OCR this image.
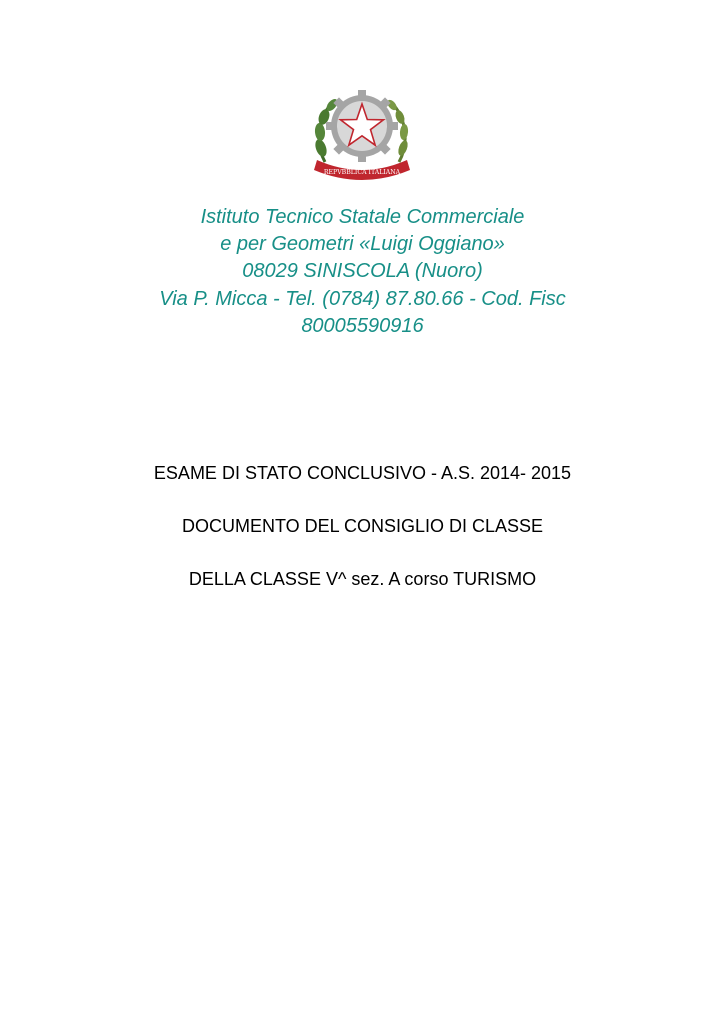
REPVBBLICA ITALIANA
Istituto Tecnico Statale Commerciale
e per Geometri «Luigi Oggiano»
08029 SINISCOLA (Nuoro)
Via P. Micca - Tel. (0784) 87.80.66 - Cod. Fisc
80005590916
ESAME DI STATO CONCLUSIVO - A.S. 2014- 2015
DOCUMENTO DEL CONSIGLIO DI CLASSE
DELLA CLASSE V^ sez. A corso TURISMO
